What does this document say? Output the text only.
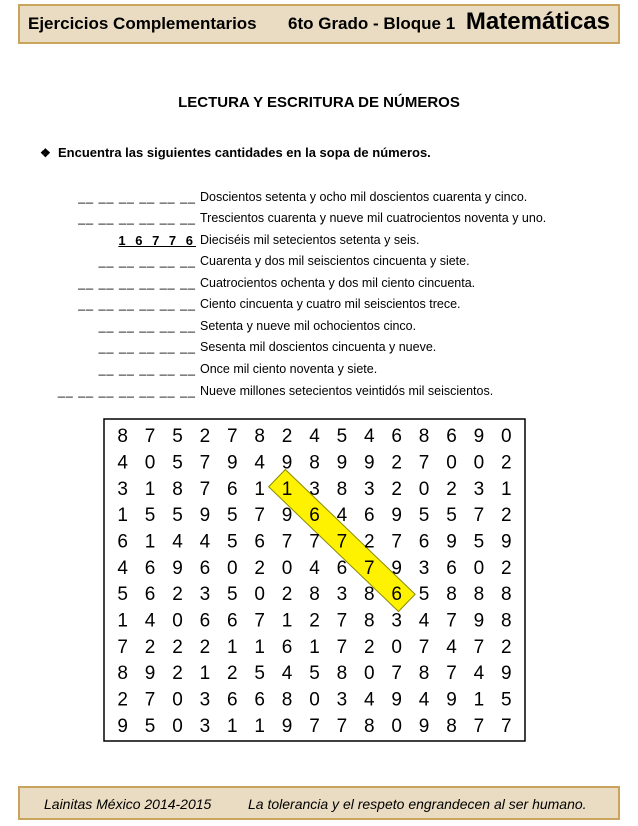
Ejercicios Complementarios 6to Grado - Bloque 1 Matemáticas
LECTURA Y ESCRITURA DE NÚMEROS
❖ Encuentra las siguientes cantidades en la sopa de números.
__ __ __ __ __ __ Doscientos setenta y ocho mil doscientos cuarenta y cinco.
__ __ __ __ __ __ Trescientos cuarenta y nueve mil cuatrocientos noventa y uno.
1 6 7 7 6 Dieciséis mil setecientos setenta y seis.
__ __ __ __ __ Cuarenta y dos mil seiscientos cincuenta y siete.
__ __ __ __ __ __ Cuatrocientos ochenta y dos mil ciento cincuenta.
__ __ __ __ __ __ Ciento cincuenta y cuatro mil seiscientos trece.
__ __ __ __ __ Setenta y nueve mil ochocientos cinco.
__ __ __ __ __ Sesenta mil doscientos cincuenta y nueve.
__ __ __ __ __ Once mil ciento noventa y siete.
__ __ __ __ __ __ __ Nueve millones setecientos veintidós mil seiscientos.
8 7 5 2 7 8 2 4 5 4 6 8 6 9 0
4 0 5 7 9 4 9 8 9 9 2 7 0 0 2
3 1 8 7 6 1 1 3 8 3 2 0 2 3 1
1 5 5 9 5 7 9 6 4 6 9 5 5 7 2
6 1 4 4 5 6 7 7 7 2 7 6 9 5 9
4 6 9 6 0 2 0 4 6 7 9 3 6 0 2
5 6 2 3 5 0 2 8 3 8 6 5 8 8 8
1 4 0 6 6 7 1 2 7 8 3 4 7 9 8
7 2 2 2 1 1 6 1 7 2 0 7 4 7 2
8 9 2 1 2 5 4 5 8 0 7 8 7 4 9
2 7 0 3 6 6 8 0 3 4 9 4 9 1 5
9 5 0 3 1 1 9 7 7 8 0 9 8 7 7
Lainitas México 2014-2015	La tolerancia y el respeto engrandecen al ser humano.
